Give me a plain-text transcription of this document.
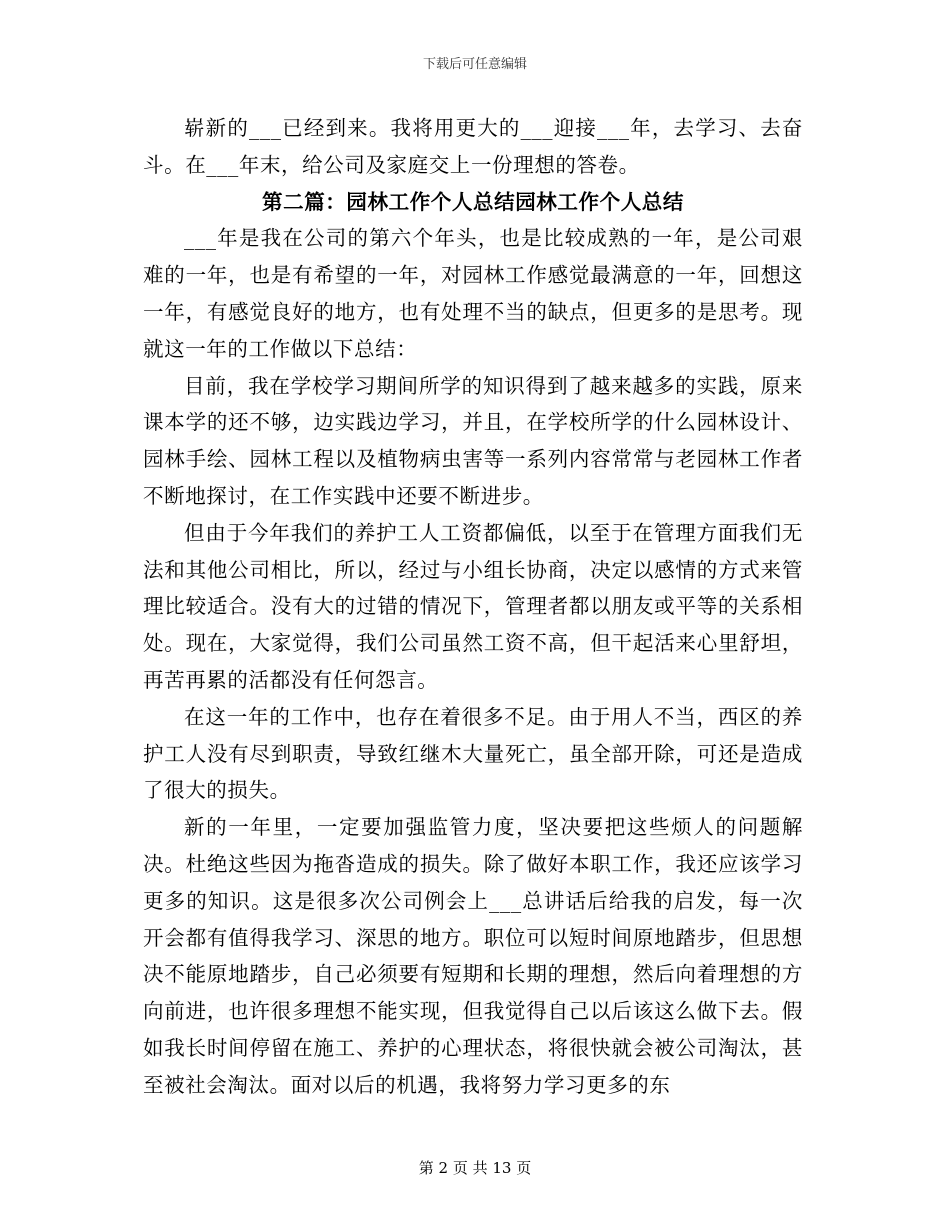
下载后可任意编辑

崭新的___已经到来。我将用更大的___迎接___年，去学习、去奋斗。在___年末，给公司及家庭交上一份理想的答卷。

第二篇：园林工作个人总结园林工作个人总结

___年是我在公司的第六个年头，也是比较成熟的一年，是公司艰难的一年，也是有希望的一年，对园林工作感觉最满意的一年，回想这一年，有感觉良好的地方，也有处理不当的缺点，但更多的是思考。现就这一年的工作做以下总结：

目前，我在学校学习期间所学的知识得到了越来越多的实践，原来课本学的还不够，边实践边学习，并且，在学校所学的什么园林设计、园林手绘、园林工程以及植物病虫害等一系列内容常常与老园林工作者不断地探讨，在工作实践中还要不断进步。

但由于今年我们的养护工人工资都偏低，以至于在管理方面我们无法和其他公司相比，所以，经过与小组长协商，决定以感情的方式来管理比较适合。没有大的过错的情况下，管理者都以朋友或平等的关系相处。现在，大家觉得，我们公司虽然工资不高，但干起活来心里舒坦，再苦再累的活都没有任何怨言。

在这一年的工作中，也存在着很多不足。由于用人不当，西区的养护工人没有尽到职责，导致红继木大量死亡，虽全部开除，可还是造成了很大的损失。

新的一年里，一定要加强监管力度，坚决要把这些烦人的问题解决。杜绝这些因为拖沓造成的损失。除了做好本职工作，我还应该学习更多的知识。这是很多次公司例会上___总讲话后给我的启发，每一次开会都有值得我学习、深思的地方。职位可以短时间原地踏步，但思想决不能原地踏步，自己必须要有短期和长期的理想，然后向着理想的方向前进，也许很多理想不能实现，但我觉得自己以后该这么做下去。假如我长时间停留在施工、养护的心理状态，将很快就会被公司淘汰，甚至被社会淘汰。面对以后的机遇，我将努力学习更多的东

第 2 页 共 13 页
